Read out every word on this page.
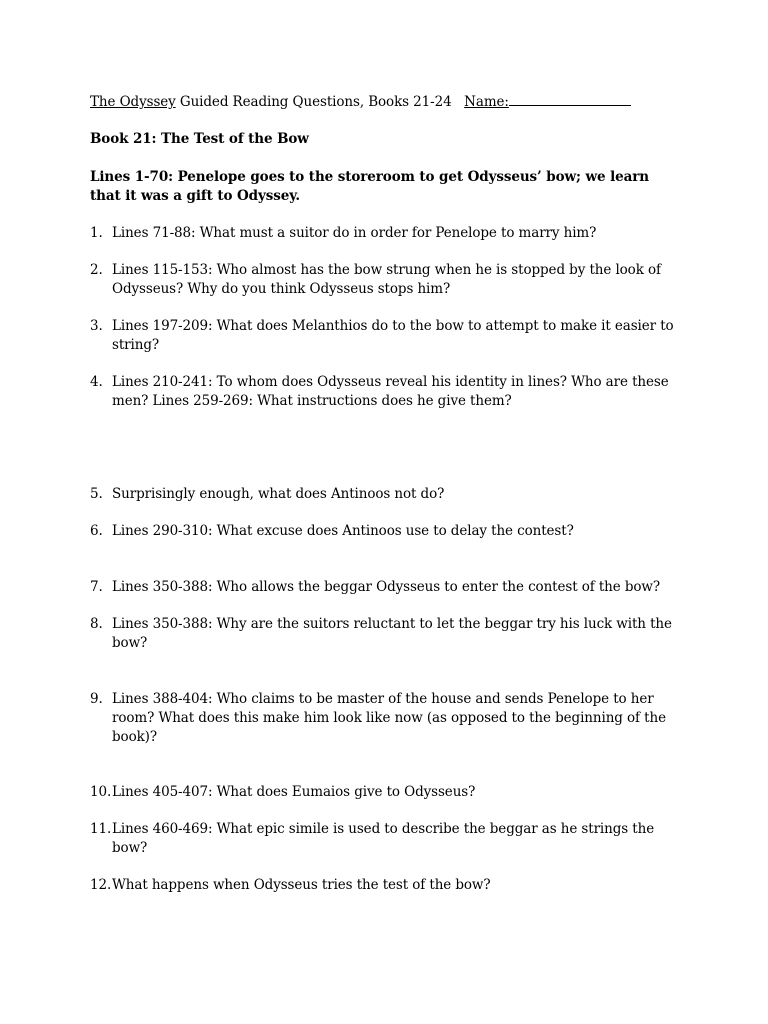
The Odyssey Guided Reading Questions, Books 21-24 Name:
Book 21: The Test of the Bow
Lines 1-70: Penelope goes to the storeroom to get Odysseus’ bow; we learn that it was a gift to Odyssey.
1. Lines 71-88: What must a suitor do in order for Penelope to marry him?
2. Lines 115-153: Who almost has the bow strung when he is stopped by the look of Odysseus? Why do you think Odysseus stops him?
3. Lines 197-209: What does Melanthios do to the bow to attempt to make it easier to string?
4. Lines 210-241: To whom does Odysseus reveal his identity in lines? Who are these men? Lines 259-269: What instructions does he give them?
5. Surprisingly enough, what does Antinoos not do?
6. Lines 290-310: What excuse does Antinoos use to delay the contest?
7. Lines 350-388: Who allows the beggar Odysseus to enter the contest of the bow?
8. Lines 350-388: Why are the suitors reluctant to let the beggar try his luck with the bow?
9. Lines 388-404: Who claims to be master of the house and sends Penelope to her room? What does this make him look like now (as opposed to the beginning of the book)?
10. Lines 405-407: What does Eumaios give to Odysseus?
11. Lines 460-469: What epic simile is used to describe the beggar as he strings the bow?
12. What happens when Odysseus tries the test of the bow?
